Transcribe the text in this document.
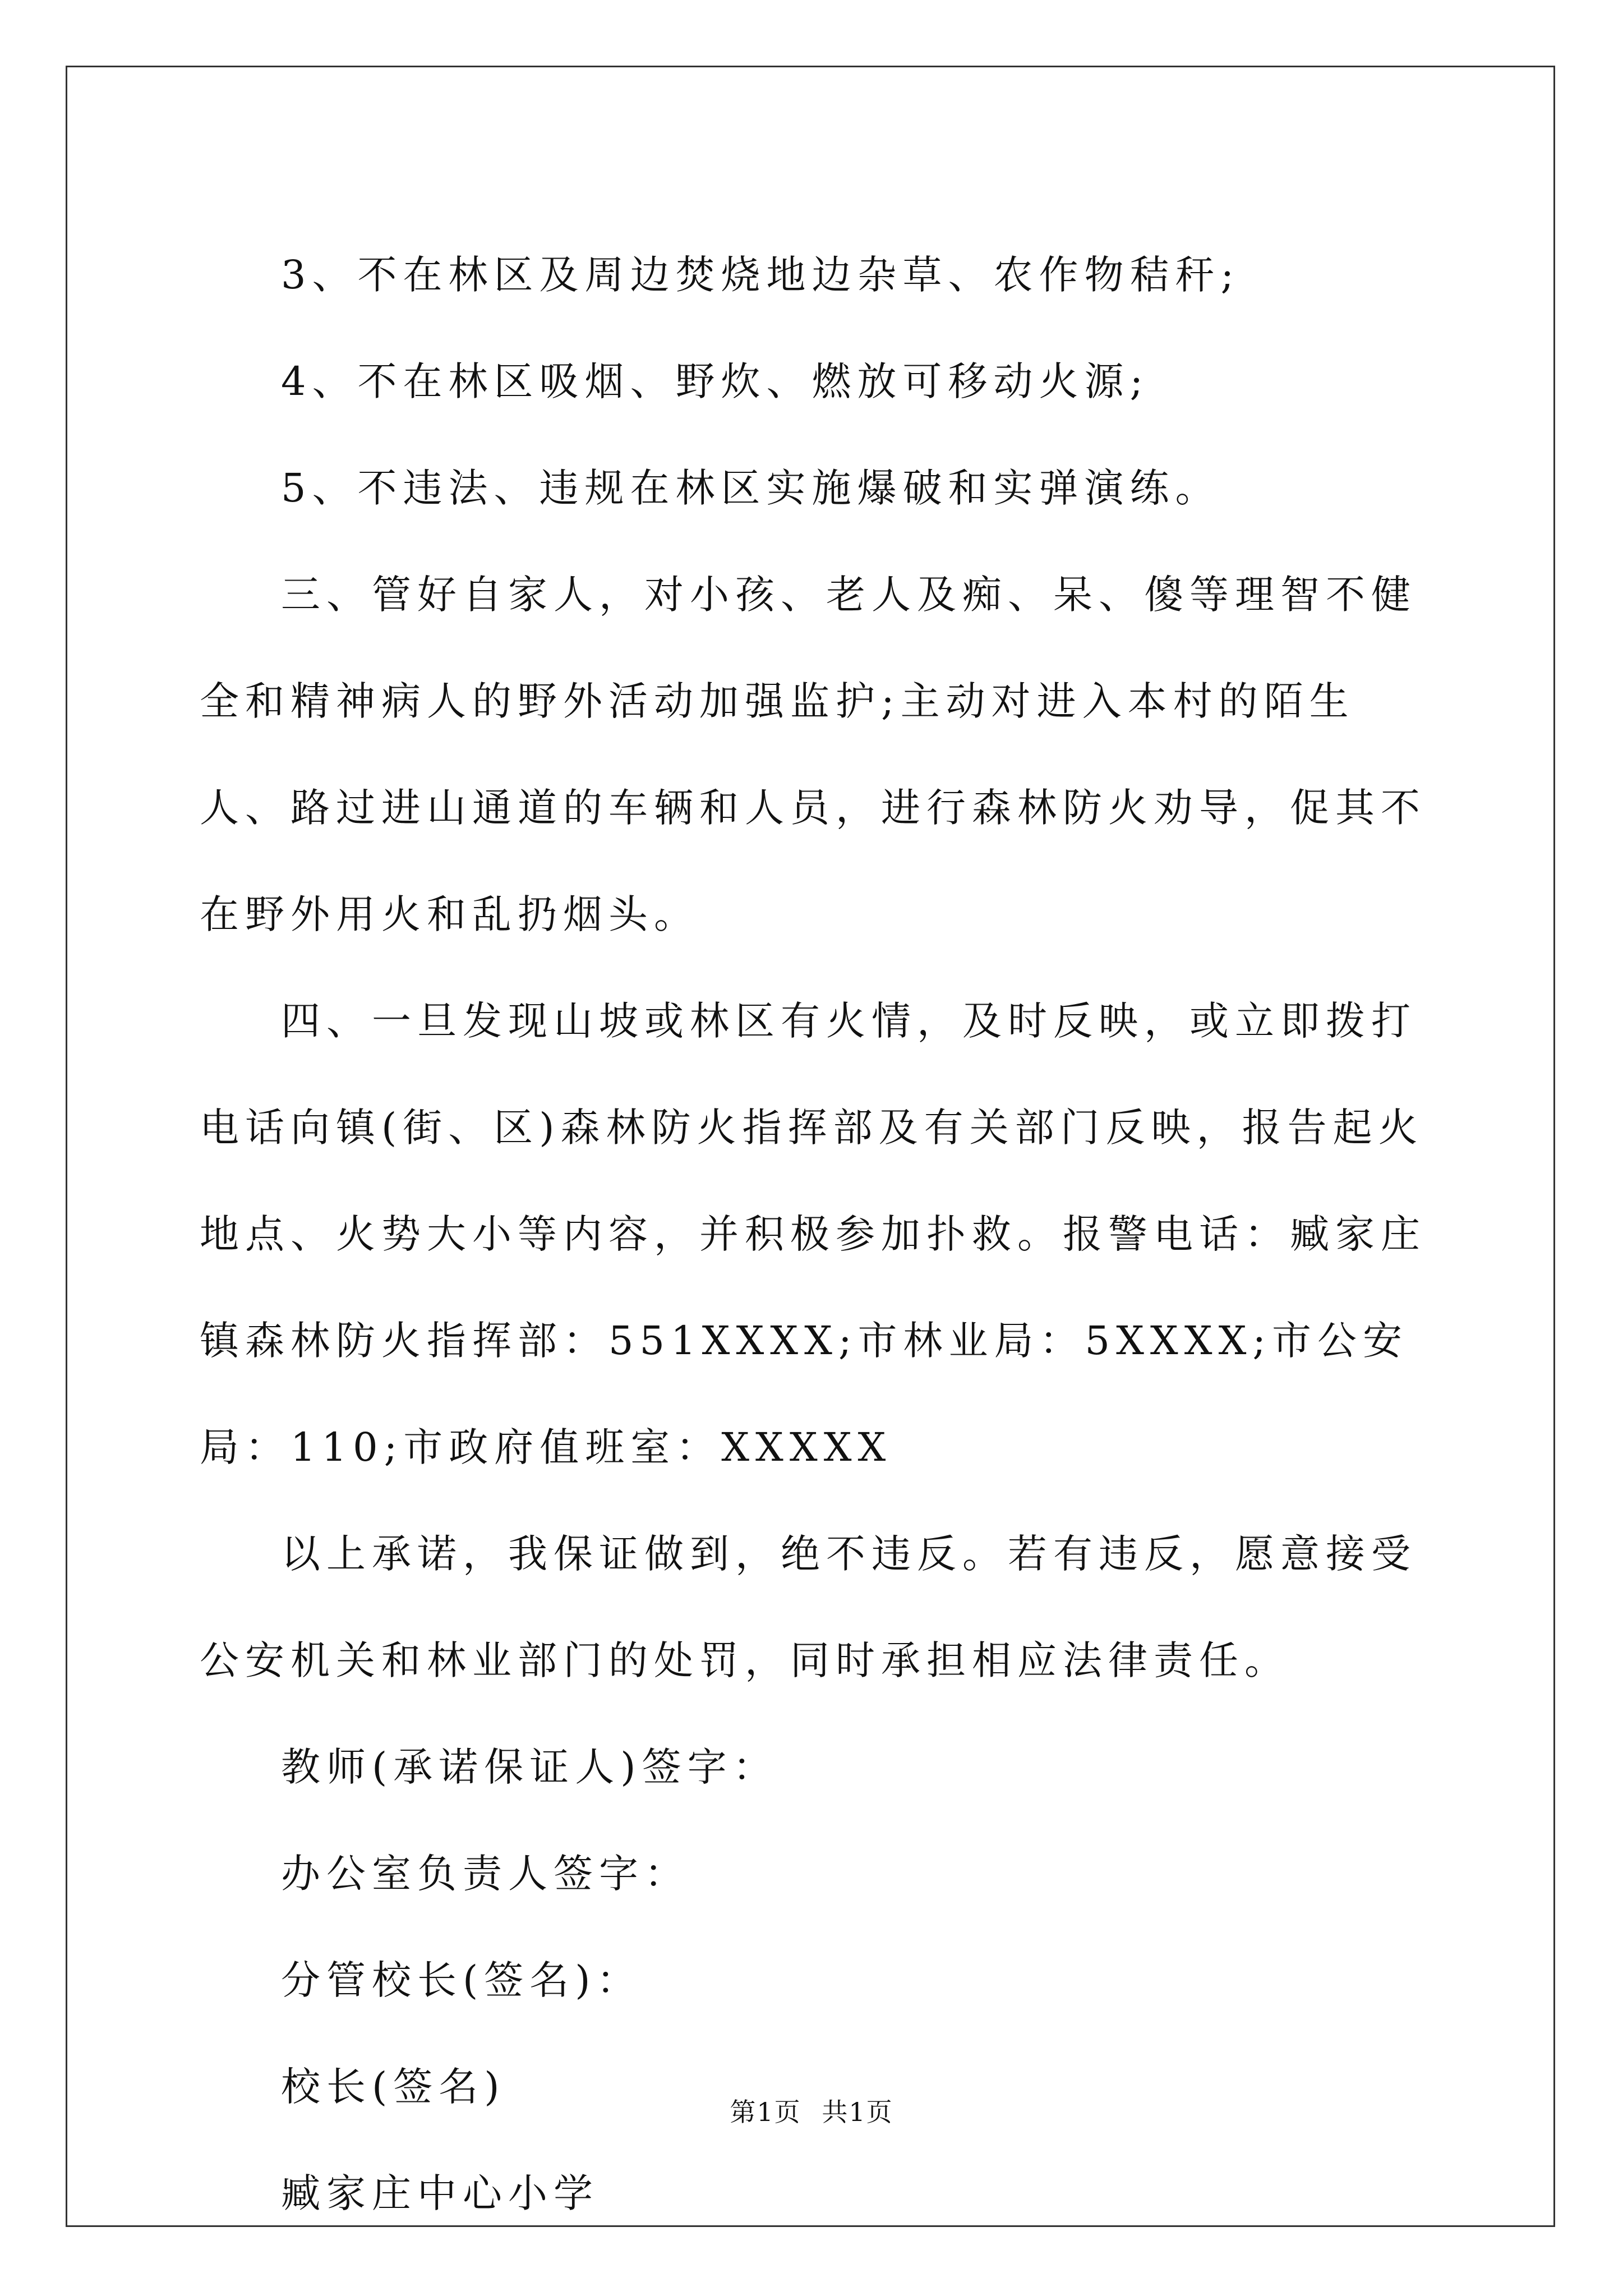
3、不在林区及周边焚烧地边杂草、农作物秸秆;

4、不在林区吸烟、野炊、燃放可移动火源;

5、不违法、违规在林区实施爆破和实弹演练。

三、管好自家人，对小孩、老人及痴、呆、傻等理智不健全和精神病人的野外活动加强监护;主动对进入本村的陌生人、路过进山通道的车辆和人员，进行森林防火劝导，促其不在野外用火和乱扔烟头。

四、一旦发现山坡或林区有火情，及时反映，或立即拨打电话向镇(街、区)森林防火指挥部及有关部门反映，报告起火地点、火势大小等内容，并积极参加扑救。报警电话：臧家庄镇森林防火指挥部：551XXXX;市林业局：5XXXX;市公安局：110;市政府值班室：XXXXX

以上承诺，我保证做到，绝不违反。若有违反，愿意接受公安机关和林业部门的处罚，同时承担相应法律责任。

教师(承诺保证人)签字：

办公室负责人签字：

分管校长(签名)：

校长(签名)

臧家庄中心小学

第1页 共1页
